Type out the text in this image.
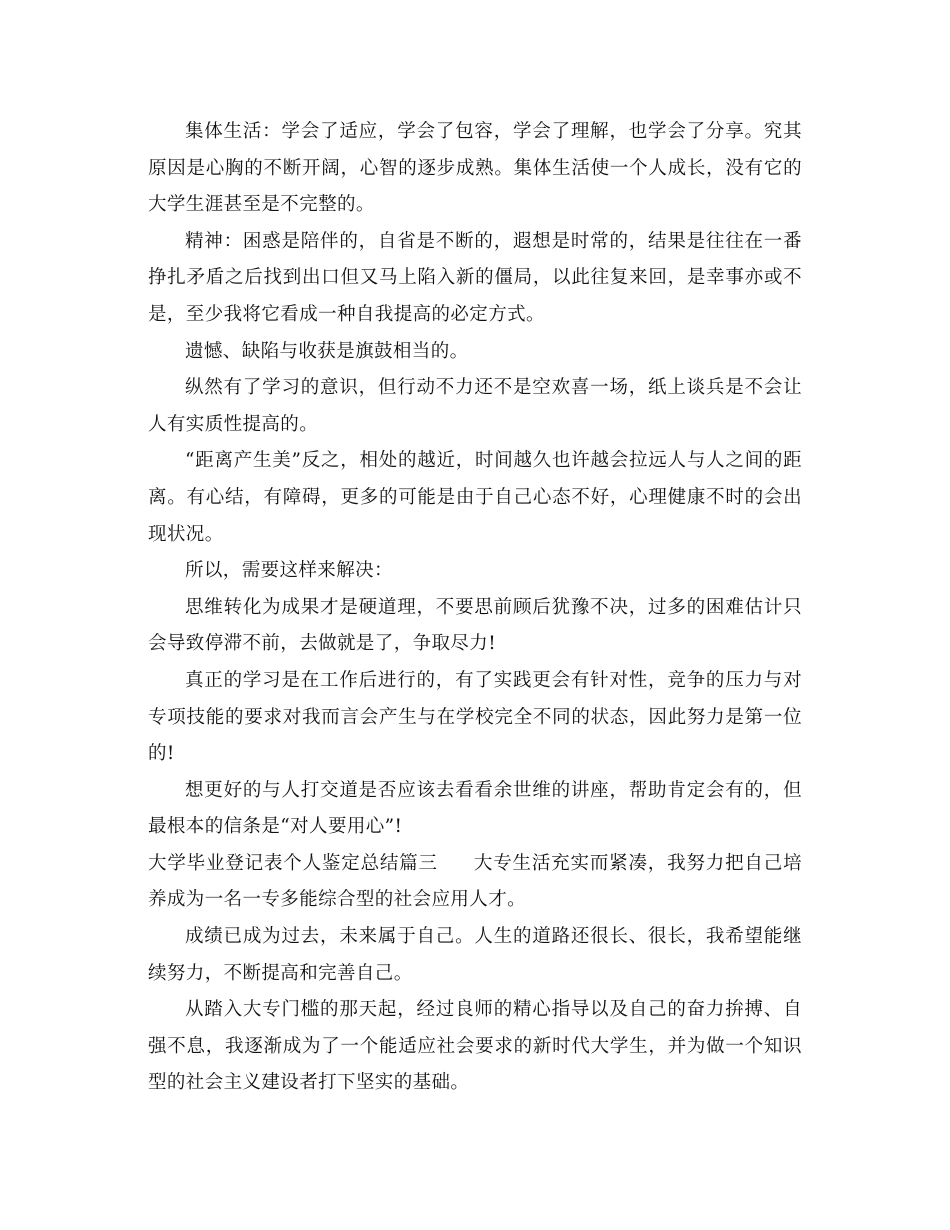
集体生活：学会了适应，学会了包容，学会了理解，也学会了分享。究其原因是心胸的不断开阔，心智的逐步成熟。集体生活使一个人成长，没有它的大学生涯甚至是不完整的。

精神：困惑是陪伴的，自省是不断的，遐想是时常的，结果是往往在一番挣扎矛盾之后找到出口但又马上陷入新的僵局，以此往复来回，是幸事亦或不是，至少我将它看成一种自我提高的必定方式。

遗憾、缺陷与收获是旗鼓相当的。

纵然有了学习的意识，但行动不力还不是空欢喜一场，纸上谈兵是不会让人有实质性提高的。

“距离产生美”反之，相处的越近，时间越久也许越会拉远人与人之间的距离。有心结，有障碍，更多的可能是由于自己心态不好，心理健康不时的会出现状况。

所以，需要这样来解决：

思维转化为成果才是硬道理，不要思前顾后犹豫不决，过多的困难估计只会导致停滞不前，去做就是了，争取尽力!

真正的学习是在工作后进行的，有了实践更会有针对性，竞争的压力与对专项技能的要求对我而言会产生与在学校完全不同的状态，因此努力是第一位的!

想更好的与人打交道是否应该去看看余世维的讲座，帮助肯定会有的，但最根本的信条是“对人要用心”!

大学毕业登记表个人鉴定总结篇三 大专生活充实而紧凑，我努力把自己培养成为一名一专多能综合型的社会应用人才。

成绩已成为过去，未来属于自己。人生的道路还很长、很长，我希望能继续努力，不断提高和完善自己。

从踏入大专门槛的那天起，经过良师的精心指导以及自己的奋力拚搏、自强不息，我逐渐成为了一个能适应社会要求的新时代大学生，并为做一个知识型的社会主义建设者打下坚实的基础。
